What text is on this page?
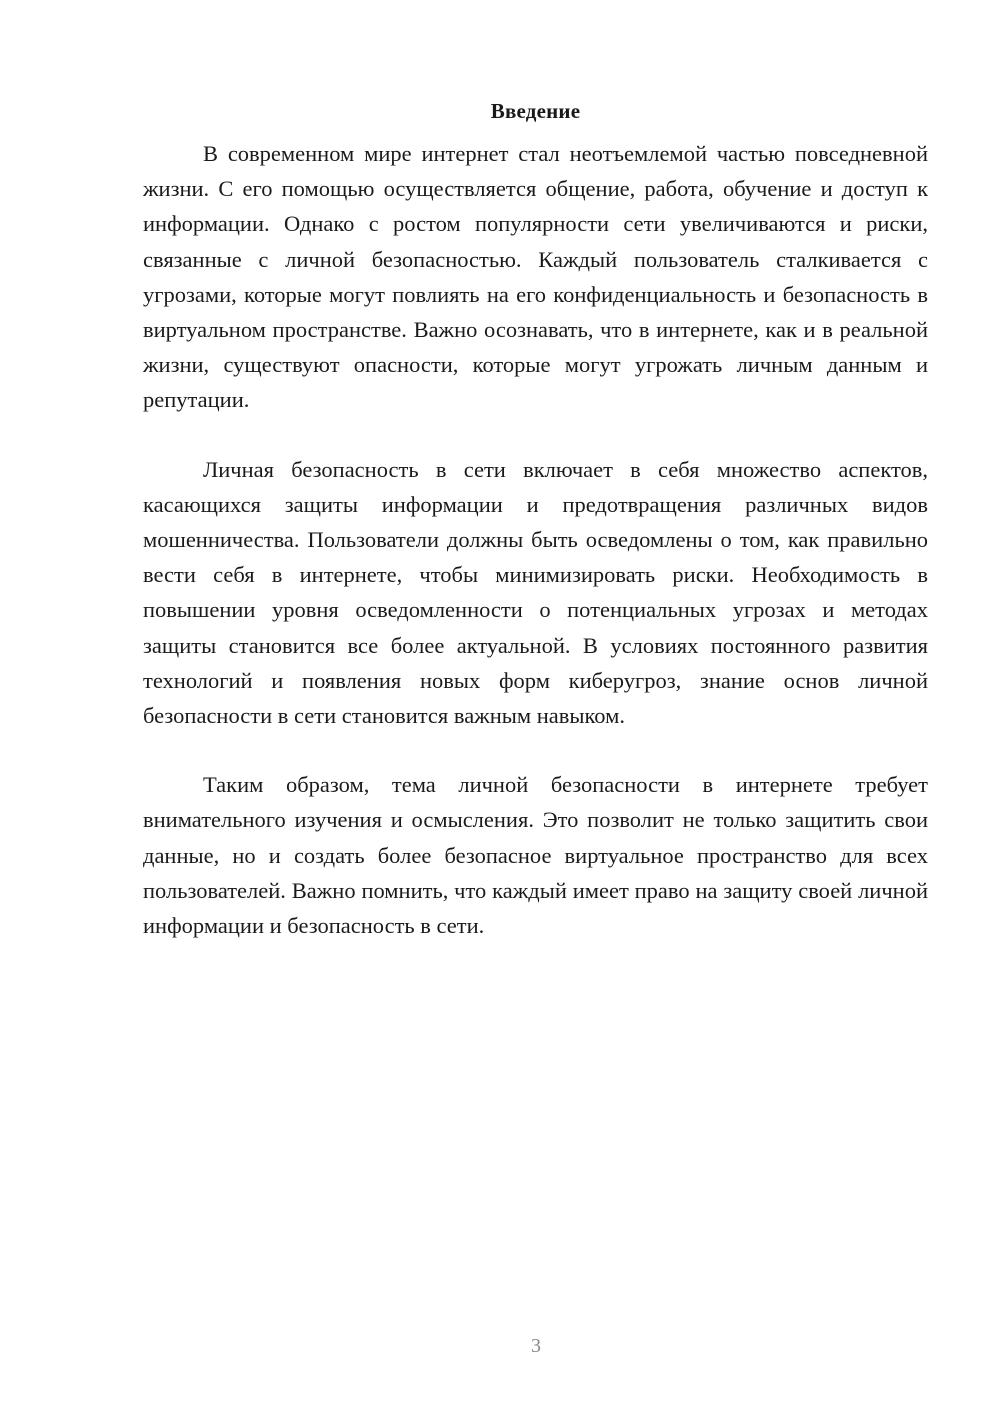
Введение

В современном мире интернет стал неотъемлемой частью повседневной жизни. С его помощью осуществляется общение, работа, обучение и доступ к информации. Однако с ростом популярности сети увеличиваются и риски, связанные с личной безопасностью. Каждый пользователь сталкивается с угрозами, которые могут повлиять на его конфиденциальность и безопасность в виртуальном пространстве. Важно осознавать, что в интернете, как и в реальной жизни, существуют опасности, которые могут угрожать личным данным и репутации.

Личная безопасность в сети включает в себя множество аспектов, касающихся защиты информации и предотвращения различных видов мошенничества. Пользователи должны быть осведомлены о том, как правильно вести себя в интернете, чтобы минимизировать риски. Необходимость в повышении уровня осведомленности о потенциальных угрозах и методах защиты становится все более актуальной. В условиях постоянного развития технологий и появления новых форм киберугроз, знание основ личной безопасности в сети становится важным навыком.

Таким образом, тема личной безопасности в интернете требует внимательного изучения и осмысления. Это позволит не только защитить свои данные, но и создать более безопасное виртуальное пространство для всех пользователей. Важно помнить, что каждый имеет право на защиту своей личной информации и безопасность в сети.

3
